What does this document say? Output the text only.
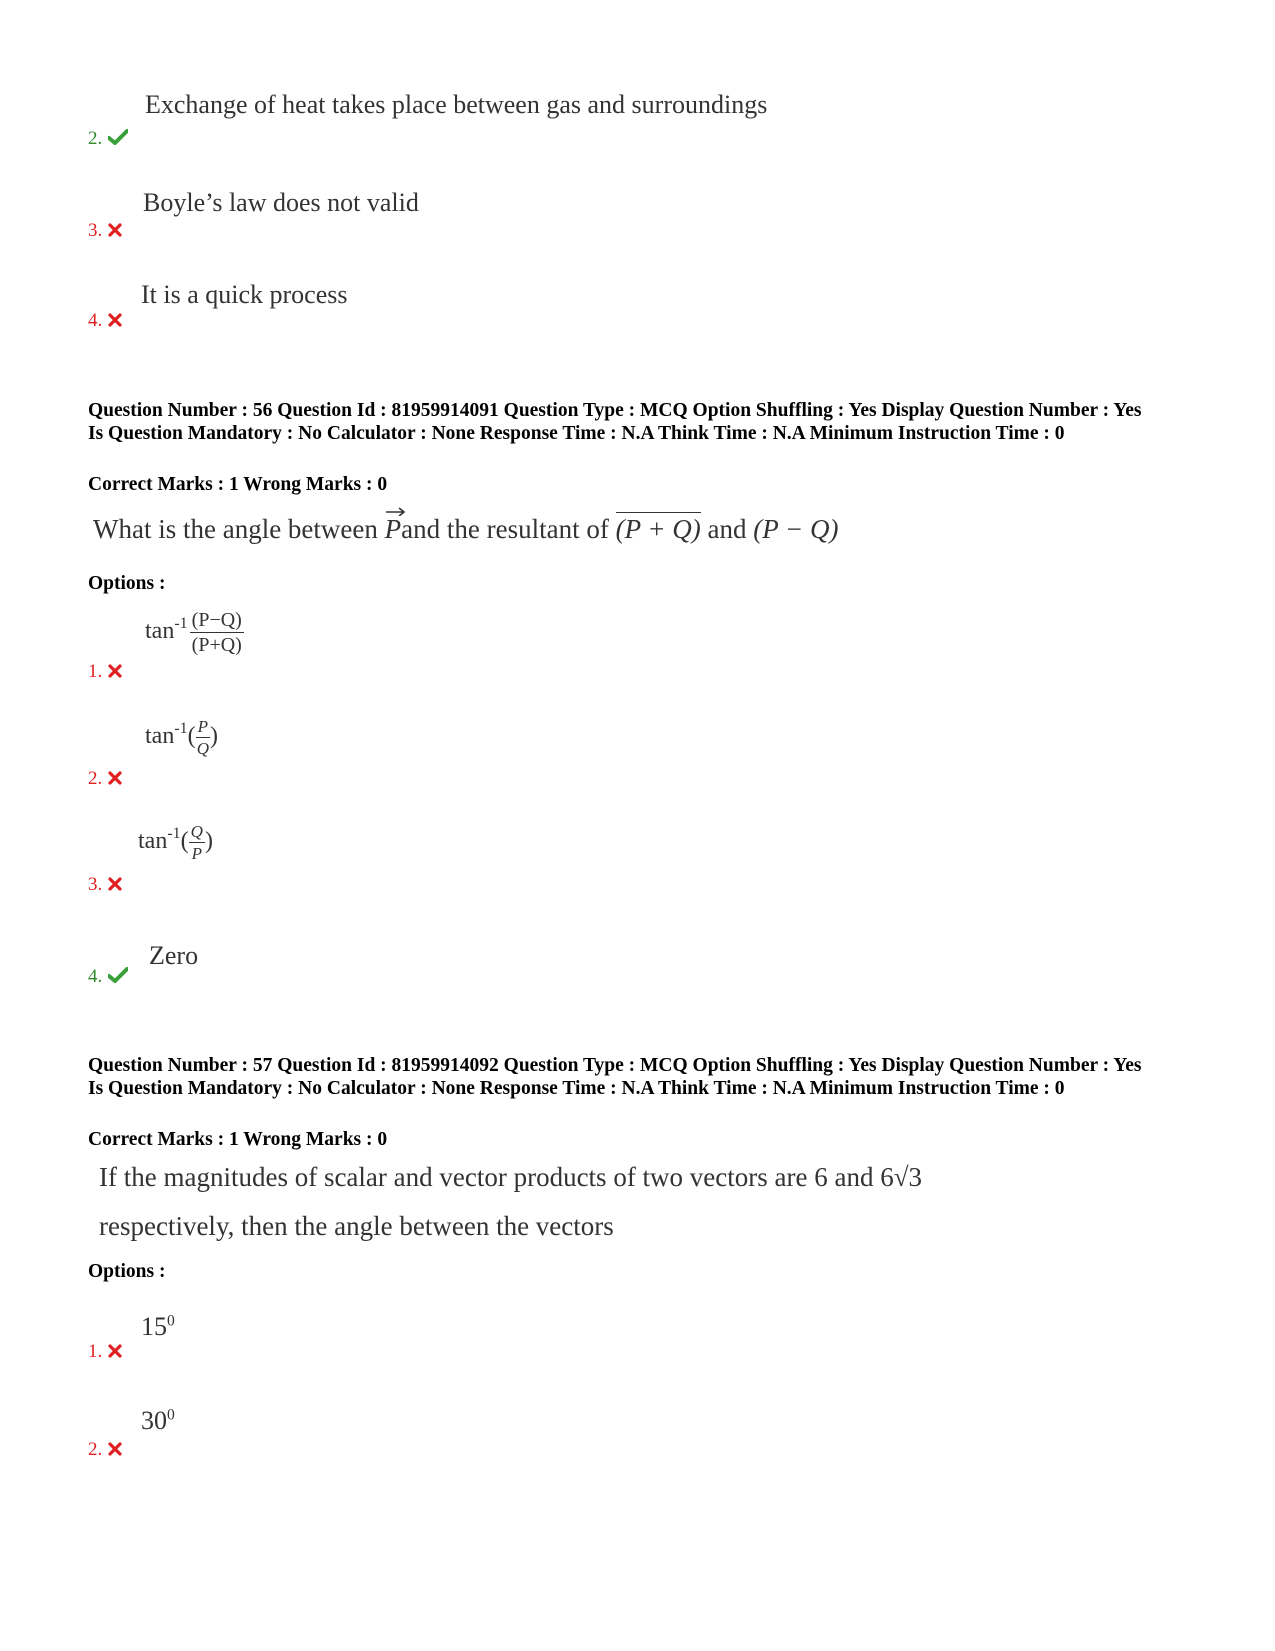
Exchange of heat takes place between gas and surroundings
2.
Boyle’s law does not valid
3.
It is a quick process
4.
Question Number : 56 Question Id : 81959914091 Question Type : MCQ Option Shuffling : Yes Display Question Number : Yes Is Question Mandatory : No Calculator : None Response Time : N.A Think Time : N.A Minimum Instruction Time : 0
Correct Marks : 1 Wrong Marks : 0
What is the angle between
Pand the resultant of
(P + Q) and (P − Q)
Options :
$\tan^{-1} \frac{(P-Q)}{(P+Q)}$
1.
$\tan^{-1}( \frac{P}{Q}$ )
2.
$\tan^{-1}( \frac{Q}{P}$ )
3.
Zero
4.
Question Number : 57 Question Id : 81959914092 Question Type : MCQ Option Shuffling : Yes Display Question Number : Yes Is Question Mandatory : No Calculator : None Response Time : N.A Think Time : N.A Minimum Instruction Time : 0
Correct Marks : 1 Wrong Marks : 0
If the magnitudes of scalar and vector products of two vectors are 6 and 6√3
respectively, then the angle between the vectors
Options :
$15^0$
1.
$30^0$
2.
